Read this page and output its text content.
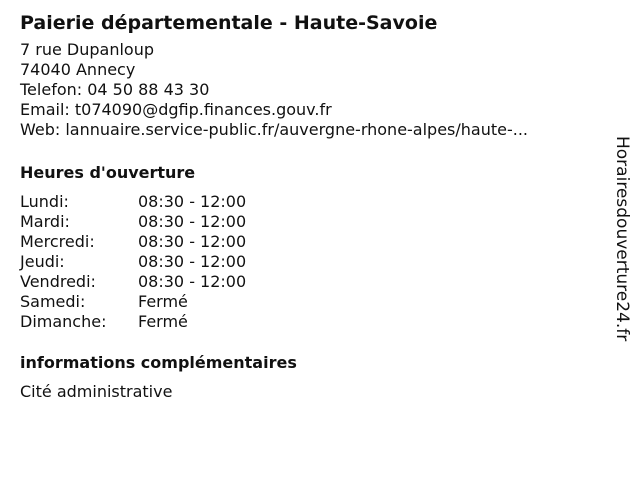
Paierie départementale - Haute-Savoie
7 rue Dupanloup
74040 Annecy
Telefon: 04 50 88 43 30
Email: t074090@dgfip.finances.gouv.fr
Web: lannuaire.service-public.fr/auvergne-rhone-alpes/haute-...
Heures d'ouverture
Lundi:	08:30 - 12:00
Mardi:	08:30 - 12:00
Mercredi:	08:30 - 12:00
Jeudi:	08:30 - 12:00
Vendredi:	08:30 - 12:00
Samedi:	Fermé
Dimanche:	Fermé
informations complémentaires
Cité administrative
Horairesdouverture24.fr
